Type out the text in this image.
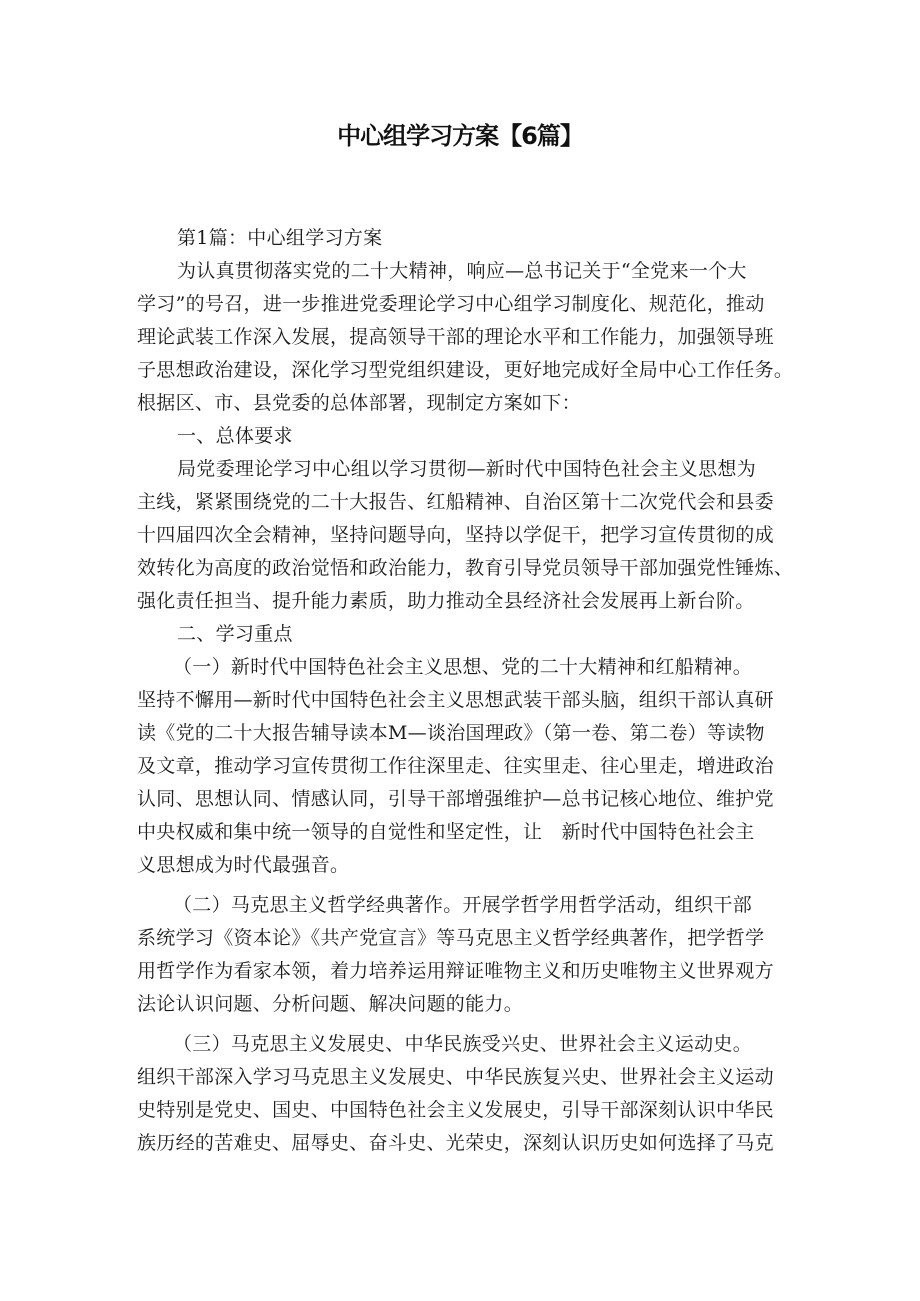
中心组学习方案【6篇】
第1篇：中心组学习方案
为认真贯彻落实党的二十大精神，响应—总书记关于“全党来一个大
学习”的号召，进一步推进党委理论学习中心组学习制度化、规范化，推动
理论武装工作深入发展，提高领导干部的理论水平和工作能力，加强领导班
子思想政治建设，深化学习型党组织建设，更好地完成好全局中心工作任务。
根据区、市、县党委的总体部署，现制定方案如下：
一、总体要求
局党委理论学习中心组以学习贯彻—新时代中国特色社会主义思想为
主线，紧紧围绕党的二十大报告、红船精神、自治区第十二次党代会和县委
十四届四次全会精神，坚持问题导向，坚持以学促干，把学习宣传贯彻的成
效转化为高度的政治觉悟和政治能力，教育引导党员领导干部加强党性锤炼、
强化责任担当、提升能力素质，助力推动全县经济社会发展再上新台阶。
二、学习重点
（一）新时代中国特色社会主义思想、党的二十大精神和红船精神。
坚持不懈用—新时代中国特色社会主义思想武装干部头脑，组织干部认真研
读《党的二十大报告辅导读本M—谈治国理政》（第一卷、第二卷）等读物
及文章，推动学习宣传贯彻工作往深里走、往实里走、往心里走，增进政治
认同、思想认同、情感认同，引导干部增强维护—总书记核心地位、维护党
中央权威和集中统一领导的自觉性和坚定性，让　新时代中国特色社会主
义思想成为时代最强音。
（二）马克思主义哲学经典著作。开展学哲学用哲学活动，组织干部
系统学习《资本论》《共产党宣言》等马克思主义哲学经典著作，把学哲学
用哲学作为看家本领，着力培养运用辩证唯物主义和历史唯物主义世界观方
法论认识问题、分析问题、解决问题的能力。
（三）马克思主义发展史、中华民族受兴史、世界社会主义运动史。
组织干部深入学习马克思主义发展史、中华民族复兴史、世界社会主义运动
史特别是党史、国史、中国特色社会主义发展史，引导干部深刻认识中华民
族历经的苦难史、屈辱史、奋斗史、光荣史，深刻认识历史如何选择了马克
